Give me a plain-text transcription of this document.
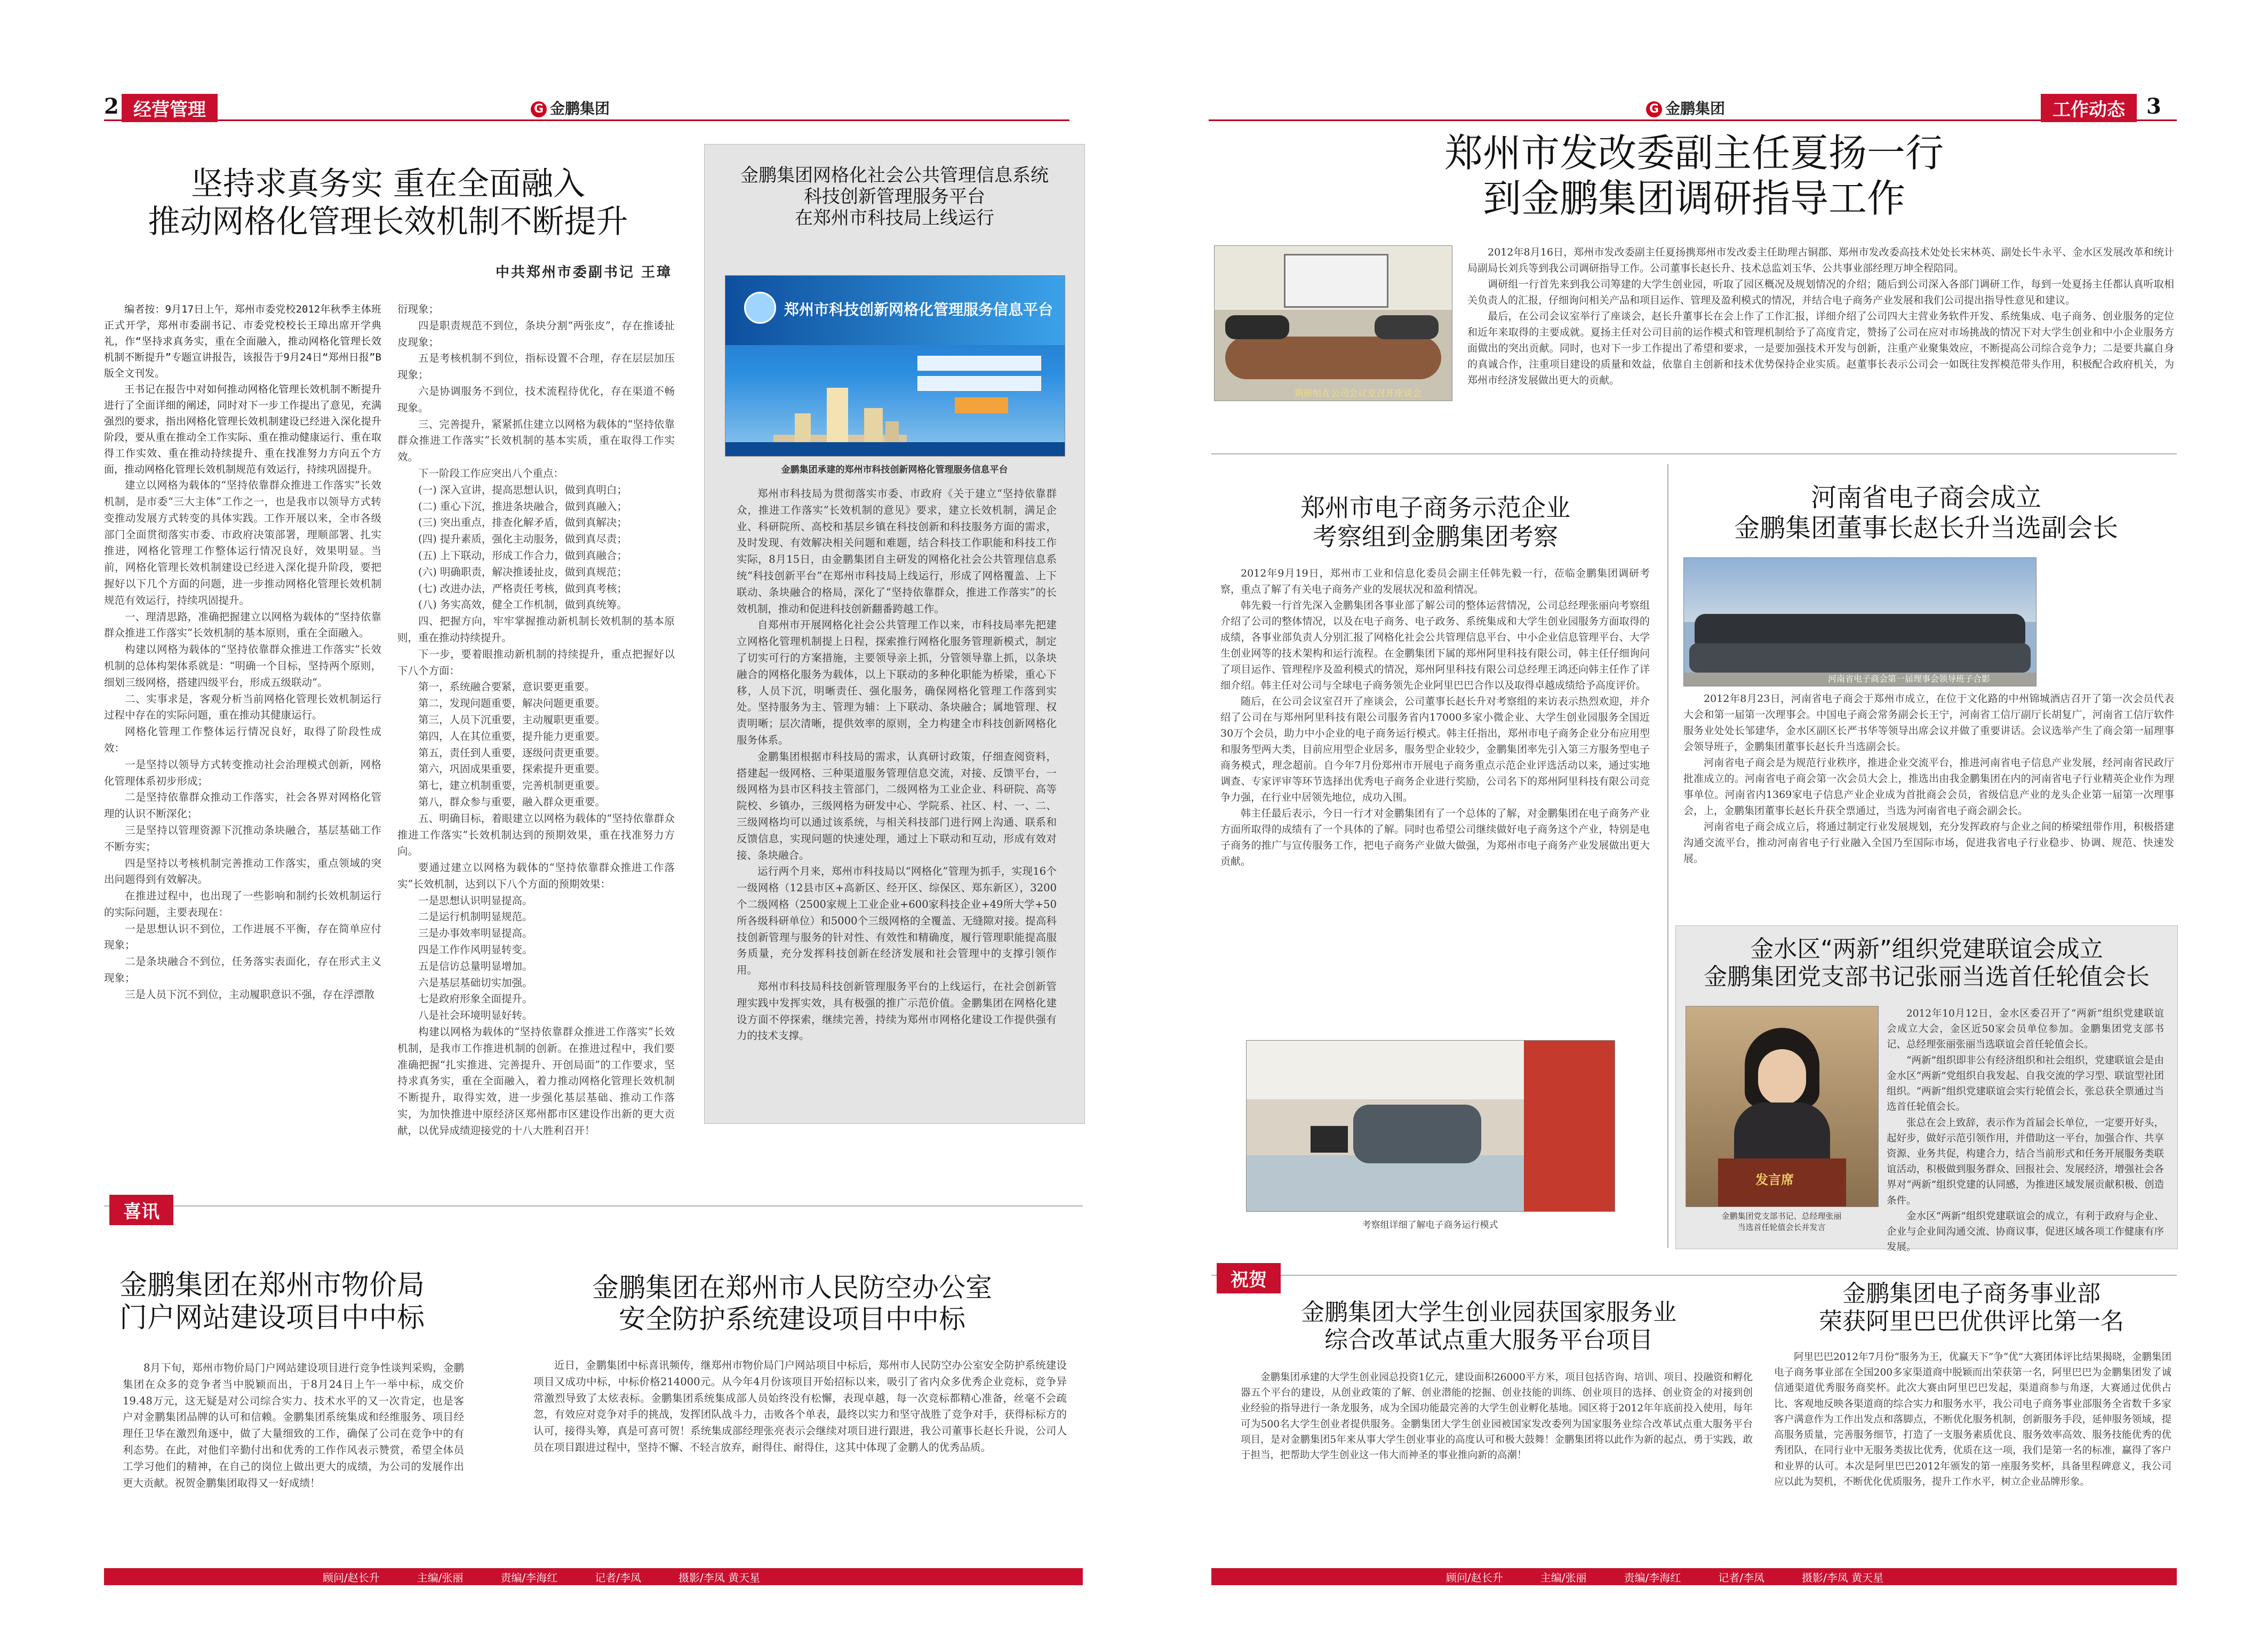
2 经营管理	G 金鹏集团
坚持求真务实 重在全面融入
推动网格化管理长效机制不断提升
中共郑州市委副书记 王璋

编者按：9月17日上午，郑州市委党校2012年秋季主体班正式开学，郑州市委副书记、市委党校校长王璋出席开学典礼，作“坚持求真务实，重在全面融入，推动网格化管理长效机制不断提升”专题宣讲报告，该报告于9月24日“郑州日报”B版全文刊发。

王书记在报告中对如何推动网格化管理长效机制不断提升进行了全面详细的阐述，同时对下一步工作提出了意见，充满强烈的要求，指出网格化管理长效机制建设已经进入深化提升阶段，要从重在推动全工作实际、重在推动健康运行、重在取得工作实效、重在推动持续提升、重在找准努力方向五个方面，推动网格化管理长效机制规范有效运行，持续巩固提升。

建立以网格为载体的“坚持依靠群众推进工作落实”长效机制，是市委“三大主体”工作之一，也是我市以领导方式转变推动发展方式转变的具体实践。工作开展以来，全市各级部门全面贯彻落实市委、市政府决策部署，理顺部署、扎实推进，网格化管理工作整体运行情况良好，效果明显。当前，网格化管理长效机制建设已经进入深化提升阶段，要把握好以下几个方面的问题，进一步推动网格化管理长效机制规范有效运行，持续巩固提升。

一、理清思路，准确把握建立以网格为载体的“坚持依靠群众推进工作落实”长效机制的基本原则，重在全面融入。

构建以网格为载体的“坚持依靠群众推进工作落实”长效机制的总体构架体系就是：“明确一个目标，坚持两个原则，细划三级网格，搭建四级平台，形成五级联动”。

二、实事求是，客观分析当前网格化管理长效机制运行过程中存在的实际问题，重在推动其健康运行。

网格化管理工作整体运行情况良好，取得了阶段性成效：

一是坚持以领导方式转变推动社会治理模式创新，网格化管理体系初步形成；

二是坚持依靠群众推动工作落实，社会各界对网格化管理的认识不断深化；

三是坚持以管理资源下沉推动条块融合，基层基础工作不断夯实；

四是坚持以考核机制完善推动工作落实，重点领域的突出问题得到有效解决。

在推进过程中，也出现了一些影响和制约长效机制运行的实际问题，主要表现在：

一是思想认识不到位，工作进展不平衡，存在简单应付现象；

二是条块融合不到位，任务落实表面化，存在形式主义现象；

三是人员下沉不到位，主动履职意识不强，存在浮漂散

衍现象；

四是职责规范不到位，条块分割“两张皮”，存在推诿扯皮现象；

五是考核机制不到位，指标设置不合理，存在层层加压现象；

六是协调服务不到位，技术流程待优化，存在渠道不畅现象。

三、完善提升，紧紧抓住建立以网格为载体的“坚持依靠群众推进工作落实”长效机制的基本实质，重在取得工作实效。

下一阶段工作应突出八个重点：

(一) 深入宣讲，提高思想认识，做到真明白；

(二) 重心下沉，推进条块融合，做到真融入；

(三) 突出重点，排查化解矛盾，做到真解决；

(四) 提升素质，强化主动服务，做到真尽责；

(五) 上下联动，形成工作合力，做到真融合；

(六) 明确职责，解决推诿扯皮，做到真规范；

(七) 改进办法，严格责任考核，做到真考核；

(八) 务实高效，健全工作机制，做到真统筹。

四、把握方向，牢牢掌握推动新机制长效机制的基本原则，重在推动持续提升。

下一步，要着眼推动新机制的持续提升，重点把握好以下八个方面：

第一，系统融合要紧，意识要更重要。

第二，发现问题重要，解决问题更重要。

第三，人员下沉重要，主动履职更重要。

第四，人在其位重要，提升能力更重要。

第五，责任到人重要，逐级问责更重要。

第六，巩固成果重要，探索提升更重要。

第七，建立机制重要，完善机制更重要。

第八，群众参与重要，融入群众更重要。

五、明确目标，着眼建立以网格为载体的“坚持依靠群众推进工作落实”长效机制达到的预期效果，重在找准努力方向。

要通过建立以网格为载体的“坚持依靠群众推进工作落实”长效机制，达到以下八个方面的预期效果：

一是思想认识明显提高。

二是运行机制明显规范。

三是办事效率明显提高。

四是工作作风明显转变。

五是信访总量明显增加。

六是基层基础切实加强。

七是政府形象全面提升。

八是社会环境明显好转。

构建以网格为载体的“坚持依靠群众推进工作落实”长效机制，是我市工作推进机制的创新。在推进过程中，我们要准确把握“扎实推进、完善提升、开创局面”的工作要求，坚持求真务实，重在全面融入，着力推动网格化管理长效机制不断提升，取得实效，进一步强化基层基础、推动工作落实，为加快推进中原经济区郑州都市区建设作出新的更大贡献，以优异成绩迎接党的十八大胜利召开！

金鹏集团网格化社会公共管理信息系统
科技创新管理服务平台
在郑州市科技局上线运行
郑州市科技创新网格化管理服务信息平台
金鹏集团承建的郑州市科技创新网格化管理服务信息平台

郑州市科技局为贯彻落实市委、市政府《关于建立“坚持依靠群众，推进工作落实”长效机制的意见》要求，建立长效机制，满足企业、科研院所、高校和基层乡镇在科技创新和科技服务方面的需求，及时发现、有效解决相关问题和难题，结合科技工作职能和科技工作实际，8月15日，由金鹏集团自主研发的网格化社会公共管理信息系统“科技创新平台”在郑州市科技局上线运行，形成了网格覆盖、上下联动、条块融合的格局，深化了“坚持依靠群众，推进工作落实”的长效机制，推动和促进科技创新翻番跨越工作。

自郑州市开展网格化社会公共管理工作以来，市科技局率先把建立网格化管理机制提上日程，探索推行网格化服务管理新模式，制定了切实可行的方案措施，主要领导亲上抓，分管领导靠上抓，以条块融合的网格化服务为载体，以上下联动的多种化职能为桥梁，重心下移，人员下沉，明晰责任、强化服务，确保网格化管理工作落到实处。坚持服务为主、管理为辅：上下联动、条块融合；属地管理、权责明晰；层次清晰，提供效率的原则，全力构建全市科技创新网格化服务体系。

金鹏集团根据市科技局的需求，认真研讨政策，仔细查阅资料，搭建起一级网格、三种渠道服务管理信息交流，对接、反馈平台，一级网格为县市区科技主管部门，二级网格为工业企业、科研院、高等院校、乡镇办，三级网格为研发中心、学院系、社区、村、一、二、三级网格均可以通过该系统，与相关科技部门进行网上沟通、联系和反馈信息，实现问题的快速处理，通过上下联动和互动，形成有效对接、条块融合。

运行两个月来，郑州市科技局以“网格化”管理为抓手，实现16个一级网格（12县市区+高新区、经开区、综保区、郑东新区），3200个二级网格（2500家规上工业企业+600家科技企业+49所大学+50所各级科研单位）和5000个三级网格的全覆盖、无缝隙对接。提高科技创新管理与服务的针对性、有效性和精确度，履行管理职能提高服务质量，充分发挥科技创新在经济发展和社会管理中的支撑引领作用。

郑州市科技局科技创新管理服务平台的上线运行，在社会创新管理实践中发挥实效，具有极强的推广示范价值。金鹏集团在网格化建设方面不停探索，继续完善，持续为郑州市网格化建设工作提供强有力的技术支撑。

喜讯
金鹏集团在郑州市物价局
门户网站建设项目中中标

8月下旬，郑州市物价局门户网站建设项目进行竞争性谈判采购，金鹏集团在众多的竞争者当中脱颖而出，于8月24日上午一举中标，成交价19.48万元，这无疑是对公司综合实力、技术水平的又一次肯定，也是客户对金鹏集团品牌的认可和信赖。金鹏集团系统集成和经维服务、项目经理任卫华在激烈角逐中，做了大量细致的工作，确保了公司在竞争中的有利态势。在此，对他们辛勤付出和优秀的工作作风表示赞赏，希望全体员工学习他们的精神，在自己的岗位上做出更大的成绩，为公司的发展作出更大贡献。祝贺金鹏集团取得又一好成绩！

金鹏集团在郑州市人民防空办公室
安全防护系统建设项目中中标

近日，金鹏集团中标喜讯频传，继郑州市物价局门户网站项目中标后，郑州市人民防空办公室安全防护系统建设项目又成功中标，中标价格214000元。从今年4月份该项目开始招标以来，吸引了省内众多优秀企业竞标，竞争异常激烈导致了太炫表标。金鹏集团系统集成部人员始终没有松懈，表现卓越，每一次竞标都精心准备，丝毫不会疏忽，有效应对竞争对手的挑战，发挥团队战斗力，击败各个单表，最终以实力和坚守战胜了竞争对手，获得标标方的认可，接得头筹，真是可喜可贺！系统集成部经理张亮表示会继续对项目进行跟进，我公司董事长赵长升说，公司人员在项目跟进过程中，坚持不懈、不轻言放弃，耐得住、耐得住，这其中体现了金鹏人的优秀品质。

顾问/赵长升	主编/张丽	责编/李海红	记者/李凤	摄影/李凤 黄天星
G 金鹏集团	工作动态	3
郑州市发改委副主任夏扬一行
到金鹏集团调研指导工作
调研组在公司会议室召开座谈会

2012年8月16日，郑州市发改委副主任夏扬携郑州市发改委主任助理古铜郡、郑州市发改委高技术处处长宋林英、副处长牛永平、金水区发展改革和统计局副局长刘兵等到我公司调研指导工作。公司董事长赵长升、技术总监刘玉华、公共事业部经理万坤全程陪同。

调研组一行首先来到我公司筹建的大学生创业园，听取了园区概况及规划情况的介绍；随后到公司深入各部门调研工作，每到一处夏扬主任都认真听取相关负责人的汇报，仔细询问相关产品和项目运作、管理及盈利模式的情况，并结合电子商务产业发展和我们公司提出指导性意见和建议。

最后，在公司会议室举行了座谈会，赵长升董事长在会上作了工作汇报，详细介绍了公司四大主营业务软件开发、系统集成、电子商务、创业服务的定位和近年来取得的主要成就。夏扬主任对公司目前的运作模式和管理机制给予了高度肯定，赞扬了公司在应对市场挑战的情况下对大学生创业和中小企业服务方面做出的突出贡献。同时，也对下一步工作提出了希望和要求，一是要加强技术开发与创新，注重产业聚集效应，不断提高公司综合竞争力；二是要共赢自身的真诚合作，注重项目建设的质量和效益，依靠自主创新和技术优势保持企业实质。赵董事长表示公司会一如既往发挥模范带头作用，积极配合政府机关，为郑州市经济发展做出更大的贡献。

郑州市电子商务示范企业
考察组到金鹏集团考察

2012年9月19日，郑州市工业和信息化委员会副主任韩先毅一行，莅临金鹏集团调研考察，重点了解了有关电子商务产业的发展状况和盈利情况。

韩先毅一行首先深入金鹏集团各事业部了解公司的整体运营情况，公司总经理张丽向考察组介绍了公司的整体情况，以及在电子商务、电子政务、系统集成和大学生创业园服务方面取得的成绩，各事业部负责人分别汇报了网格化社会公共管理信息平台、中小企业信息管理平台、大学生创业网等的技术架构和运行流程。在金鹏集团下属的郑州阿里科技有限公司，韩主任仔细询问了项目运作、管理程序及盈利模式的情况，郑州阿里科技有限公司总经理王鸿还向韩主任作了详细介绍。韩主任对公司与全球电子商务领先企业阿里巴巴合作以及取得卓越成绩给予高度评价。

随后，在公司会议室召开了座谈会，公司董事长赵长升对考察组的来访表示热烈欢迎，并介绍了公司在与郑州阿里科技有限公司服务省内17000多家小微企业、大学生创业园服务全国近30万个会员，助力中小企业的电子商务运行模式。韩主任指出，郑州市电子商务企业分布应用型和服务型两大类，目前应用型企业居多，服务型企业较少，金鹏集团率先引入第三方服务型电子商务模式，理念超前。自今年7月份郑州市开展电子商务重点示范企业评选活动以来，通过实地调查、专家评审等环节选择出优秀电子商务企业进行奖励，公司名下的郑州阿里科技有限公司竞争力强，在行业中居领先地位，成功入围。

韩主任最后表示，今日一行才对金鹏集团有了一个总体的了解，对金鹏集团在电子商务产业方面所取得的成绩有了一个具体的了解。同时也希望公司继续做好电子商务这个产业，特别是电子商务的推广与宣传服务工作，把电子商务产业做大做强，为郑州市电子商务产业发展做出更大贡献。

考察组详细了解电子商务运行模式
河南省电子商会成立
金鹏集团董事长赵长升当选副会长
河南省电子商会第一届理事会领导班子合影

2012年8月23日，河南省电子商会于郑州市成立，在位于文化路的中州锦城酒店召开了第一次会员代表大会和第一届第一次理事会。中国电子商会常务副会长王宁，河南省工信厅副厅长胡复广，河南省工信厅软件服务业处处长邹建华，金水区副区长严书华等领导出席会议并做了重要讲话。会议选举产生了商会第一届理事会领导班子，金鹏集团董事长赵长升当选副会长。

河南省电子商会是为规范行业秩序，推进企业交流平台，推进河南省电子信息产业发展，经河南省民政厅批准成立的。河南省电子商会第一次会员大会上，推选出由我金鹏集团在内的河南省电子行业精英企业作为理事单位。河南省内1369家电子信息产业企业成为首批商会会员，省级信息产业的龙头企业第一届第一次理事会，上，金鹏集团董事长赵长升获全票通过，当选为河南省电子商会副会长。

河南省电子商会成立后，将通过制定行业发展规划，充分发挥政府与企业之间的桥梁纽带作用，积极搭建沟通交流平台，推动河南省电子行业融入全国乃至国际市场，促进我省电子行业稳步、协调、规范、快速发展。

金水区“两新”组织党建联谊会成立
金鹏集团党支部书记张丽当选首任轮值会长
发言席
金鹏集团党支部书记、总经理张丽
当选首任轮值会长并发言

2012年10月12日，金水区委召开了“两新”组织党建联谊会成立大会，金区近50家会员单位参加。金鹏集团党支部书记、总经理张丽张丽当选联谊会首任轮值会长。

“两新”组织即非公有经济组织和社会组织，党建联谊会是由金水区“两新”党组织自我发起、自我交流的学习型、联谊型社团组织。“两新”组织党建联谊会实行轮值会长，张总获全票通过当选首任轮值会长。

张总在会上致辞，表示作为首届会长单位，一定要开好头，起好步，做好示范引领作用，并借助这一平台，加强合作、共享资源、业务共促，构建合力，结合当前形式和任务开展服务类联谊活动，积极做到服务群众、回报社会、发展经济，增强社会各界对“两新”组织党建的认同感，为推进区域发展贡献积极、创造条件。

金水区“两新”组织党建联谊会的成立，有利于政府与企业、企业与企业间沟通交流、协商议事，促进区域各项工作健康有序发展。

祝贺
金鹏集团大学生创业园获国家服务业
综合改革试点重大服务平台项目

金鹏集团承建的大学生创业园总投资1亿元，建设面积26000平方米，项目包括咨询、培训、项目、投融资和孵化器五个平台的建设，从创业政策的了解、创业潜能的挖掘、创业技能的训练、创业项目的选择、创业资金的对接到创业经验的指导进行一条龙服务，成为全国功能最完善的大学生创业孵化基地。园区将于2012年年底前投入使用，每年可为500名大学生创业者提供服务。金鹏集团大学生创业园被国家发改委列为国家服务业综合改革试点重大服务平台项目，是对金鹏集团5年来从事大学生创业事业的高度认可和极大鼓舞！金鹏集团将以此作为新的起点，勇于实践，敢于担当，把帮助大学生创业这一伟大而神圣的事业推向新的高潮！

金鹏集团电子商务事业部
荣获阿里巴巴优供评比第一名

阿里巴巴2012年7月份“服务为王，优赢天下”争“优”大赛团体评比结果揭晓，金鹏集团电子商务事业部在全国200多家渠道商中脱颖而出荣获第一名，阿里巴巴为金鹏集团发了诚信通渠道优秀服务商奖杯。此次大赛由阿里巴巴发起，渠道商参与角逐，大赛通过优供占比、客观地反映各渠道商的综合实力和服务水平，我公司电子商务事业部服务全省数千多家客户满意作为工作出发点和落脚点，不断优化服务机制，创新服务手段，延伸服务领域，提高服务质量，完善服务细节，打造了一支服务素质优良、服务效率高效、服务技能优秀的优秀团队，在同行业中无服务类拔比优秀，优质在这一项，我们是第一名的标准，赢得了客户和业界的认可。本次是阿里巴巴2012年颁发的第一座服务奖杯，具备里程碑意义，我公司应以此为契机，不断优化优质服务，提升工作水平，树立企业品牌形象。

顾问/赵长升	主编/张丽	责编/李海红	记者/李凤	摄影/李凤 黄天星
